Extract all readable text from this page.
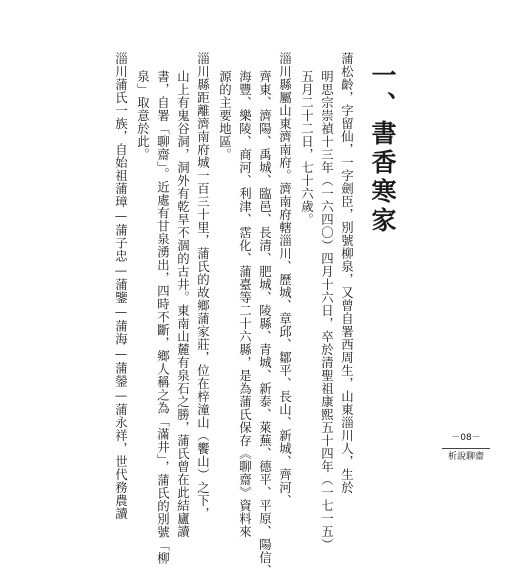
一、書香寒家
蒲松齡，字留仙，一字劍臣，別號柳泉，又曾自署西周生，山東淄川人，生於
明思宗崇禎十三年（一六四〇）四月十六日，卒於清聖祖康熙五十四年（一七一五）
五月二十二日，七十六歲。
淄川縣屬山東濟南府。濟南府轄淄川、歷城、章邱、鄒平、長山、新城、齊河、
齊東、濟陽、禹城、臨邑、長清、肥城、陵縣、青城、新泰、萊蕪、德平、平原、陽信、
海豐、樂陵、商河、利津、霑化、蒲臺等二十六縣，是為蒲氏保存《聊齋》資料來
源的主要地區。
淄川縣距離濟南府城一百三十里，蒲氏的故鄉蒲家莊，位在梓潼山（饗山）之下，
山上有鬼谷洞，洞外有乾旱不涸的古井。東南山麓有泉石之勝，蒲氏曾在此結廬讀
書，自署「聊齋」。近處有甘泉湧出，四時不斷，鄉人稱之為「滿井」，蒲氏的別號「柳
泉」取意於此。
淄川蒲氏一族，自始祖蒲璋—蒲子忠—蒲鑒—蒲海—蒲鎣—蒲永祥，世代務農讀	－08－
析說聊齋
